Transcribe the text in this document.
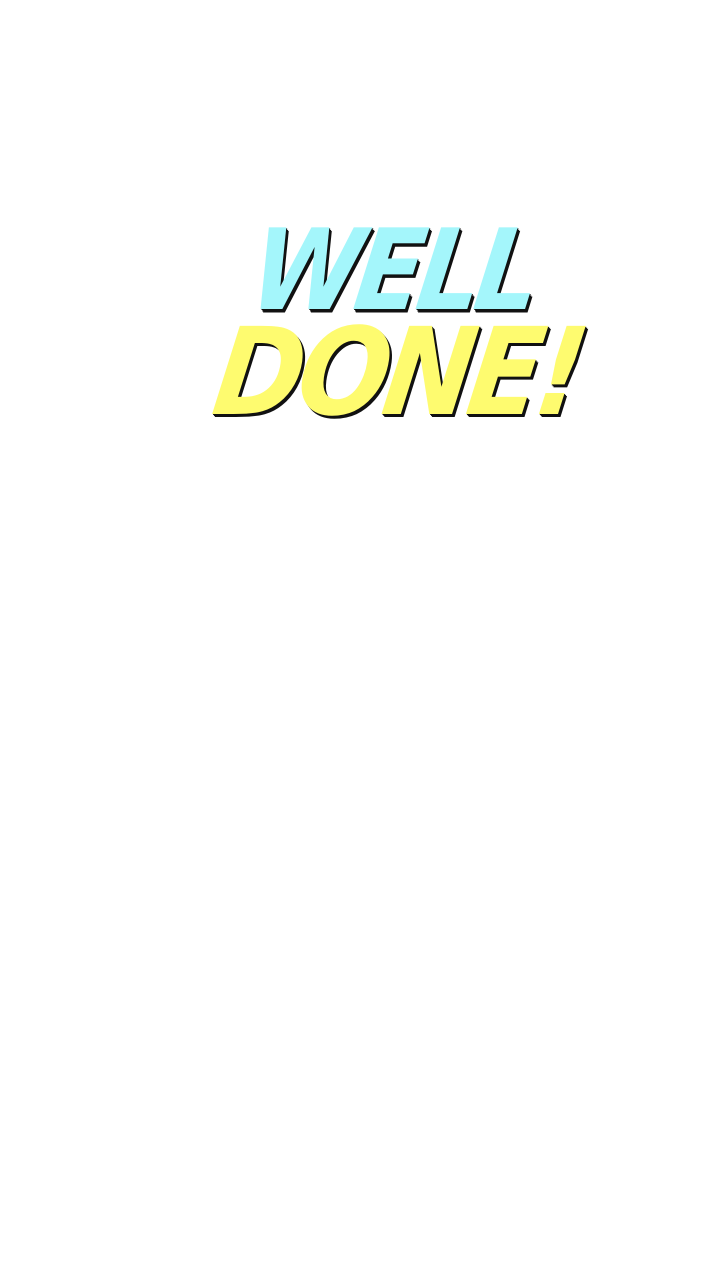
WELL
DONE!
